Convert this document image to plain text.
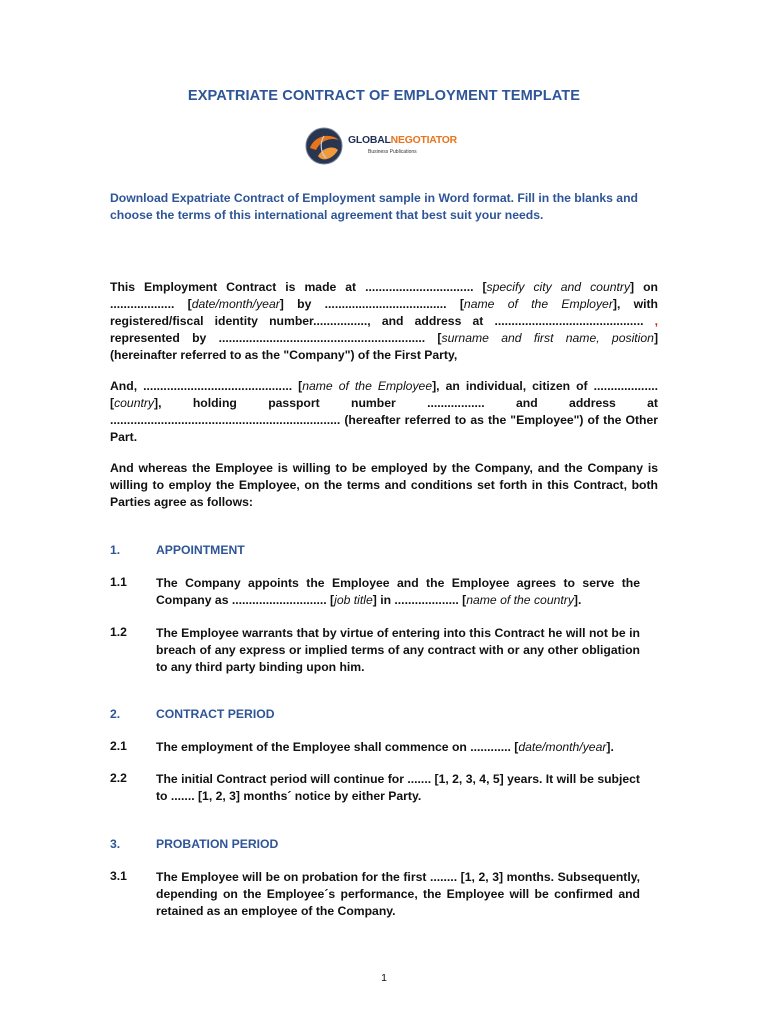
EXPATRIATE CONTRACT OF EMPLOYMENT TEMPLATE
GLOBALNEGOTIATOR
Business Publications

Download Expatriate Contract of Employment sample in Word format. Fill in the blanks and choose the terms of this international agreement that best suit your needs.

This Employment Contract is made at ................................ [specify city and country] on ................... [date/month/year] by .................................... [name of the Employer], with registered/fiscal identity number................, and address at ............................................ , represented by ............................................................. [surname and first name, position] (hereinafter referred to as the "Company") of the First Party,

And, ............................................ [name of the Employee], an individual, citizen of ................... [country], holding passport number ................. and address at .................................................................... (hereafter referred to as the "Employee") of the Other Part.

And whereas the Employee is willing to be employed by the Company, and the Company is willing to employ the Employee, on the terms and conditions set forth in this Contract, both Parties agree as follows:

1.	APPOINTMENT
1.1 The Company appoints the Employee and the Employee agrees to serve the Company as ............................ [job title] in ................... [name of the country].

1.2 The Employee warrants that by virtue of entering into this Contract he will not be in breach of any express or implied terms of any contract with or any other obligation to any third party binding upon him.

2.	CONTRACT PERIOD
2.1 The employment of the Employee shall commence on ............ [date/month/year].

2.2 The initial Contract period will continue for ....... [1, 2, 3, 4, 5] years. It will be subject to ....... [1, 2, 3] months´ notice by either Party.

3.	PROBATION PERIOD
3.1 The Employee will be on probation for the first ........ [1, 2, 3] months. Subsequently, depending on the Employee´s performance, the Employee will be confirmed and retained as an employee of the Company.

1
